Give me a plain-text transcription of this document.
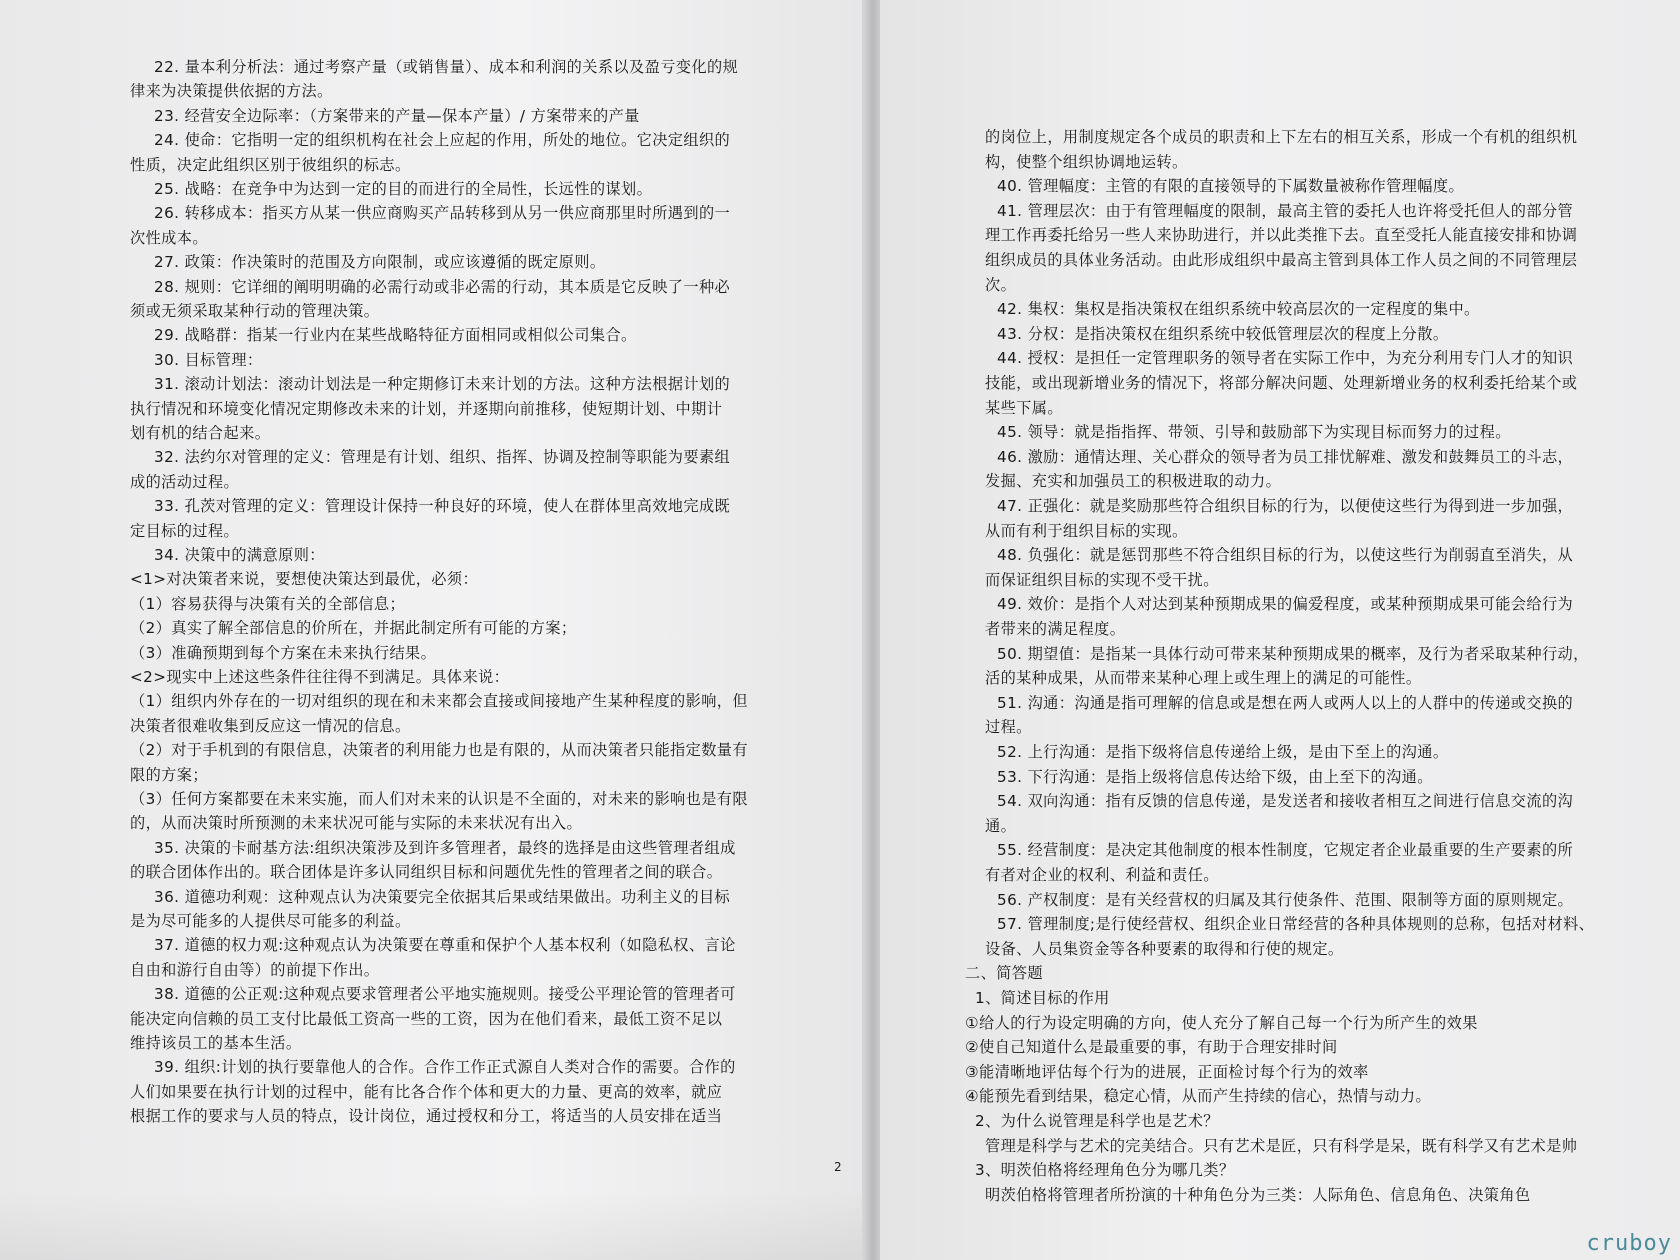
22. 量本利分析法：通过考察产量（或销售量）、成本和利润的关系以及盈亏变化的规
律来为决策提供依据的方法。
23. 经营安全边际率：（方案带来的产量—保本产量）/ 方案带来的产量
24. 使命：它指明一定的组织机构在社会上应起的作用，所处的地位。它决定组织的
性质，决定此组织区别于彼组织的标志。
25. 战略：在竞争中为达到一定的目的而进行的全局性，长远性的谋划。
26. 转移成本：指买方从某一供应商购买产品转移到从另一供应商那里时所遇到的一
次性成本。
27. 政策：作决策时的范围及方向限制，或应该遵循的既定原则。
28. 规则：它详细的阐明明确的必需行动或非必需的行动，其本质是它反映了一种必
须或无须采取某种行动的管理决策。
29. 战略群：指某一行业内在某些战略特征方面相同或相似公司集合。
30. 目标管理：
31. 滚动计划法：滚动计划法是一种定期修订未来计划的方法。这种方法根据计划的
执行情况和环境变化情况定期修改未来的计划，并逐期向前推移，使短期计划、中期计
划有机的结合起来。
32. 法约尔对管理的定义：管理是有计划、组织、指挥、协调及控制等职能为要素组
成的活动过程。
33. 孔茨对管理的定义：管理设计保持一种良好的环境，使人在群体里高效地完成既
定目标的过程。
34. 决策中的满意原则：
<1>对决策者来说，要想使决策达到最优，必须：
（1）容易获得与决策有关的全部信息；
（2）真实了解全部信息的价所在，并据此制定所有可能的方案；
（3）准确预期到每个方案在未来执行结果。
<2>现实中上述这些条件往往得不到满足。具体来说：
（1）组织内外存在的一切对组织的现在和未来都会直接或间接地产生某种程度的影响，但
决策者很难收集到反应这一情况的信息。
（2）对于手机到的有限信息，决策者的利用能力也是有限的，从而决策者只能指定数量有
限的方案；
（3）任何方案都要在未来实施，而人们对未来的认识是不全面的，对未来的影响也是有限
的，从而决策时所预测的未来状况可能与实际的未来状况有出入。
35. 决策的卡耐基方法:组织决策涉及到许多管理者，最终的选择是由这些管理者组成
的联合团体作出的。联合团体是许多认同组织目标和问题优先性的管理者之间的联合。
36. 道德功利观：这种观点认为决策要完全依据其后果或结果做出。功利主义的目标
是为尽可能多的人提供尽可能多的利益。
37. 道德的权力观:这种观点认为决策要在尊重和保护个人基本权利（如隐私权、言论
自由和游行自由等）的前提下作出。
38. 道德的公正观:这种观点要求管理者公平地实施规则。接受公平理论管的管理者可
能决定向信赖的员工支付比最低工资高一些的工资，因为在他们看来，最低工资不足以
维持该员工的基本生活。
39. 组织:计划的执行要靠他人的合作。合作工作正式源自人类对合作的需要。合作的
人们如果要在执行计划的过程中，能有比各合作个体和更大的力量、更高的效率，就应
根据工作的要求与人员的特点，设计岗位，通过授权和分工，将适当的人员安排在适当
的岗位上，用制度规定各个成员的职责和上下左右的相互关系，形成一个有机的组织机
构，使整个组织协调地运转。
40. 管理幅度：主管的有限的直接领导的下属数量被称作管理幅度。
41. 管理层次：由于有管理幅度的限制，最高主管的委托人也许将受托但人的部分管
理工作再委托给另一些人来协助进行，并以此类推下去。直至受托人能直接安排和协调
组织成员的具体业务活动。由此形成组织中最高主管到具体工作人员之间的不同管理层
次。
42. 集权：集权是指决策权在组织系统中较高层次的一定程度的集中。
43. 分权：是指决策权在组织系统中较低管理层次的程度上分散。
44. 授权：是担任一定管理职务的领导者在实际工作中，为充分利用专门人才的知识
技能，或出现新增业务的情况下，将部分解决问题、处理新增业务的权利委托给某个或
某些下属。
45. 领导：就是指指挥、带领、引导和鼓励部下为实现目标而努力的过程。
46. 激励：通情达理、关心群众的领导者为员工排忧解难、激发和鼓舞员工的斗志，
发掘、充实和加强员工的积极进取的动力。
47. 正强化：就是奖励那些符合组织目标的行为，以便使这些行为得到进一步加强，
从而有利于组织目标的实现。
48. 负强化：就是惩罚那些不符合组织目标的行为，以使这些行为削弱直至消失，从
而保证组织目标的实现不受干扰。
49. 效价：是指个人对达到某种预期成果的偏爱程度，或某种预期成果可能会给行为
者带来的满足程度。
50. 期望值：是指某一具体行动可带来某种预期成果的概率，及行为者采取某种行动，
活的某种成果，从而带来某种心理上或生理上的满足的可能性。
51. 沟通：沟通是指可理解的信息或是想在两人或两人以上的人群中的传递或交换的
过程。
52. 上行沟通：是指下级将信息传递给上级，是由下至上的沟通。
53. 下行沟通：是指上级将信息传达给下级，由上至下的沟通。
54. 双向沟通：指有反馈的信息传递，是发送者和接收者相互之间进行信息交流的沟
通。
55. 经营制度：是决定其他制度的根本性制度，它规定者企业最重要的生产要素的所
有者对企业的权利、利益和责任。
56. 产权制度：是有关经营权的归属及其行使条件、范围、限制等方面的原则规定。
57. 管理制度;是行使经营权、组织企业日常经营的各种具体规则的总称，包括对材料、
设备、人员集资金等各种要素的取得和行使的规定。
二、简答题
1、简述目标的作用
①给人的行为设定明确的方向，使人充分了解自己每一个行为所产生的效果
②使自己知道什么是最重要的事，有助于合理安排时间
③能清晰地评估每个行为的进展，正面检讨每个行为的效率
④能预先看到结果，稳定心情，从而产生持续的信心，热情与动力。
2、为什么说管理是科学也是艺术？
管理是科学与艺术的完美结合。只有艺术是匠，只有科学是呆，既有科学又有艺术是帅
3、明茨伯格将经理角色分为哪几类？
明茨伯格将管理者所扮演的十种角色分为三类：人际角色、信息角色、决策角色
2
cruboy
